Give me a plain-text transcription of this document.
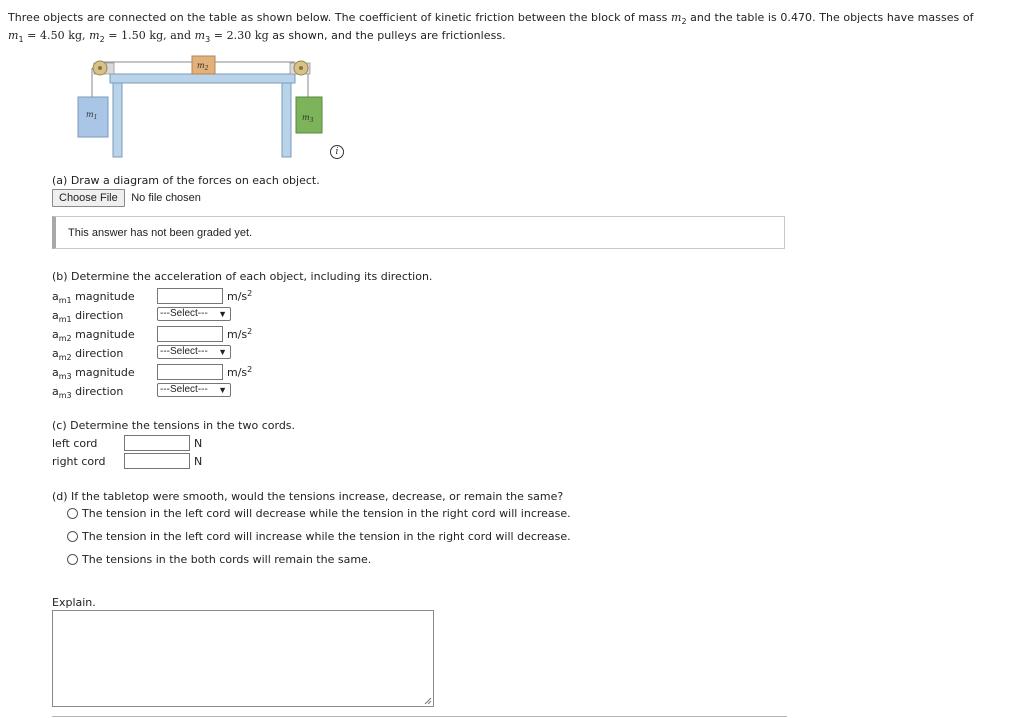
Three objects are connected on the table as shown below. The coefficient of kinetic friction between the block of mass $m_2$ and the table is 0.470. The objects have masses of
$m_1 = 4.50$ kg, $m_2 = 1.50$ kg, and $m_3 = 2.30$ kg as shown, and the pulleys are frictionless.
$m_2$
$m_1$	$m_3$
i
(a) Draw a diagram of the forces on each object.
Choose File No file chosen
This answer has not been graded yet.
(b) Determine the acceleration of each object, including its direction.
$a_{m1}$ magnitude	$m/s^2$
$a_{m1}$ direction	---Select--- ▼
$a_{m2}$ magnitude	$m/s^2$
$a_{m2}$ direction	---Select--- ▼
$a_{m3}$ magnitude	$m/s^2$
$a_{m3}$ direction	---Select--- ▼
(c) Determine the tensions in the two cords.
left cord	N
right cord	N
(d) If the tabletop were smooth, would the tensions increase, decrease, or remain the same?
The tension in the left cord will decrease while the tension in the right cord will increase.
The tension in the left cord will increase while the tension in the right cord will decrease.
The tensions in the both cords will remain the same.
Explain.
